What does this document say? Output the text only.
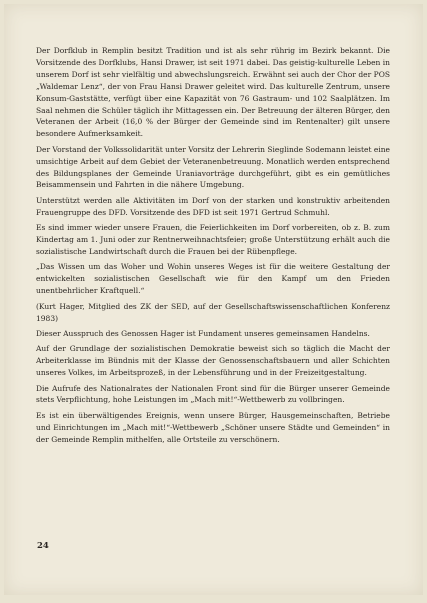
Der Dorfklub in Remplin besitzt Tradition und ist als sehr rührig im Bezirk bekannt. Die Vorsitzende des Dorfklubs, Hansi Drawer, ist seit 1971 dabei. Das geistig-kulturelle Leben in unserem Dorf ist sehr vielfältig und abwechslungsreich. Erwähnt sei auch der Chor der POS „Waldemar Lenz“, der von Frau Hansi Drawer geleitet wird. Das kulturelle Zentrum, unsere Konsum-Gaststätte, verfügt über eine Kapazität von 76 Gastraum- und 102 Saalplätzen. Im Saal nehmen die Schüler täglich ihr Mittagessen ein. Der Betreuung der älteren Bürger, den Veteranen der Arbeit (16,0 % der Bürger der Gemeinde sind im Rentenalter) gilt unsere besondere Aufmerksamkeit.

Der Vorstand der Volkssolidarität unter Vorsitz der Lehrerin Sieglinde Sodemann leistet eine umsichtige Arbeit auf dem Gebiet der Veteranenbetreuung. Monatlich werden entsprechend des Bildungsplanes der Gemeinde Uraniavorträge durchgeführt, gibt es ein gemütliches Beisammensein und Fahrten in die nähere Umgebung.

Unterstützt werden alle Aktivitäten im Dorf von der starken und konstruktiv arbeitenden Frauengruppe des DFD. Vorsitzende des DFD ist seit 1971 Gertrud Schmuhl.

Es sind immer wieder unsere Frauen, die Feierlichkeiten im Dorf vorbereiten, ob z. B. zum Kindertag am 1. Juni oder zur Rentnerweihnachtsfeier; große Unterstützung erhält auch die sozialistische Landwirtschaft durch die Frauen bei der Rübenpflege.

„Das Wissen um das Woher und Wohin unseres Weges ist für die weitere Gestaltung der entwickelten sozialistischen Gesellschaft wie für den Kampf um den Frieden unentbehrlicher Kraftquell.“

(Kurt Hager, Mitglied des ZK der SED, auf der Gesellschaftswissenschaftlichen Konferenz 1983)

Dieser Ausspruch des Genossen Hager ist Fundament unseres gemeinsamen Handelns.

Auf der Grundlage der sozialistischen Demokratie beweist sich so täglich die Macht der Arbeiterklasse im Bündnis mit der Klasse der Genossenschaftsbauern und aller Schichten unseres Volkes, im Arbeitsprozeß, in der Lebensführung und in der Freizeitgestaltung.

Die Aufrufe des Nationalrates der Nationalen Front sind für die Bürger unserer Gemeinde stets Verpflichtung, hohe Leistungen im „Mach mit!“-Wettbewerb zu vollbringen.

Es ist ein überwältigendes Ereignis, wenn unsere Bürger, Hausgemeinschaften, Betriebe und Einrichtungen im „Mach mit!“-Wettbewerb „Schöner unsere Städte und Gemeinden“ in der Gemeinde Remplin mithelfen, alle Ortsteile zu verschönern.

24
